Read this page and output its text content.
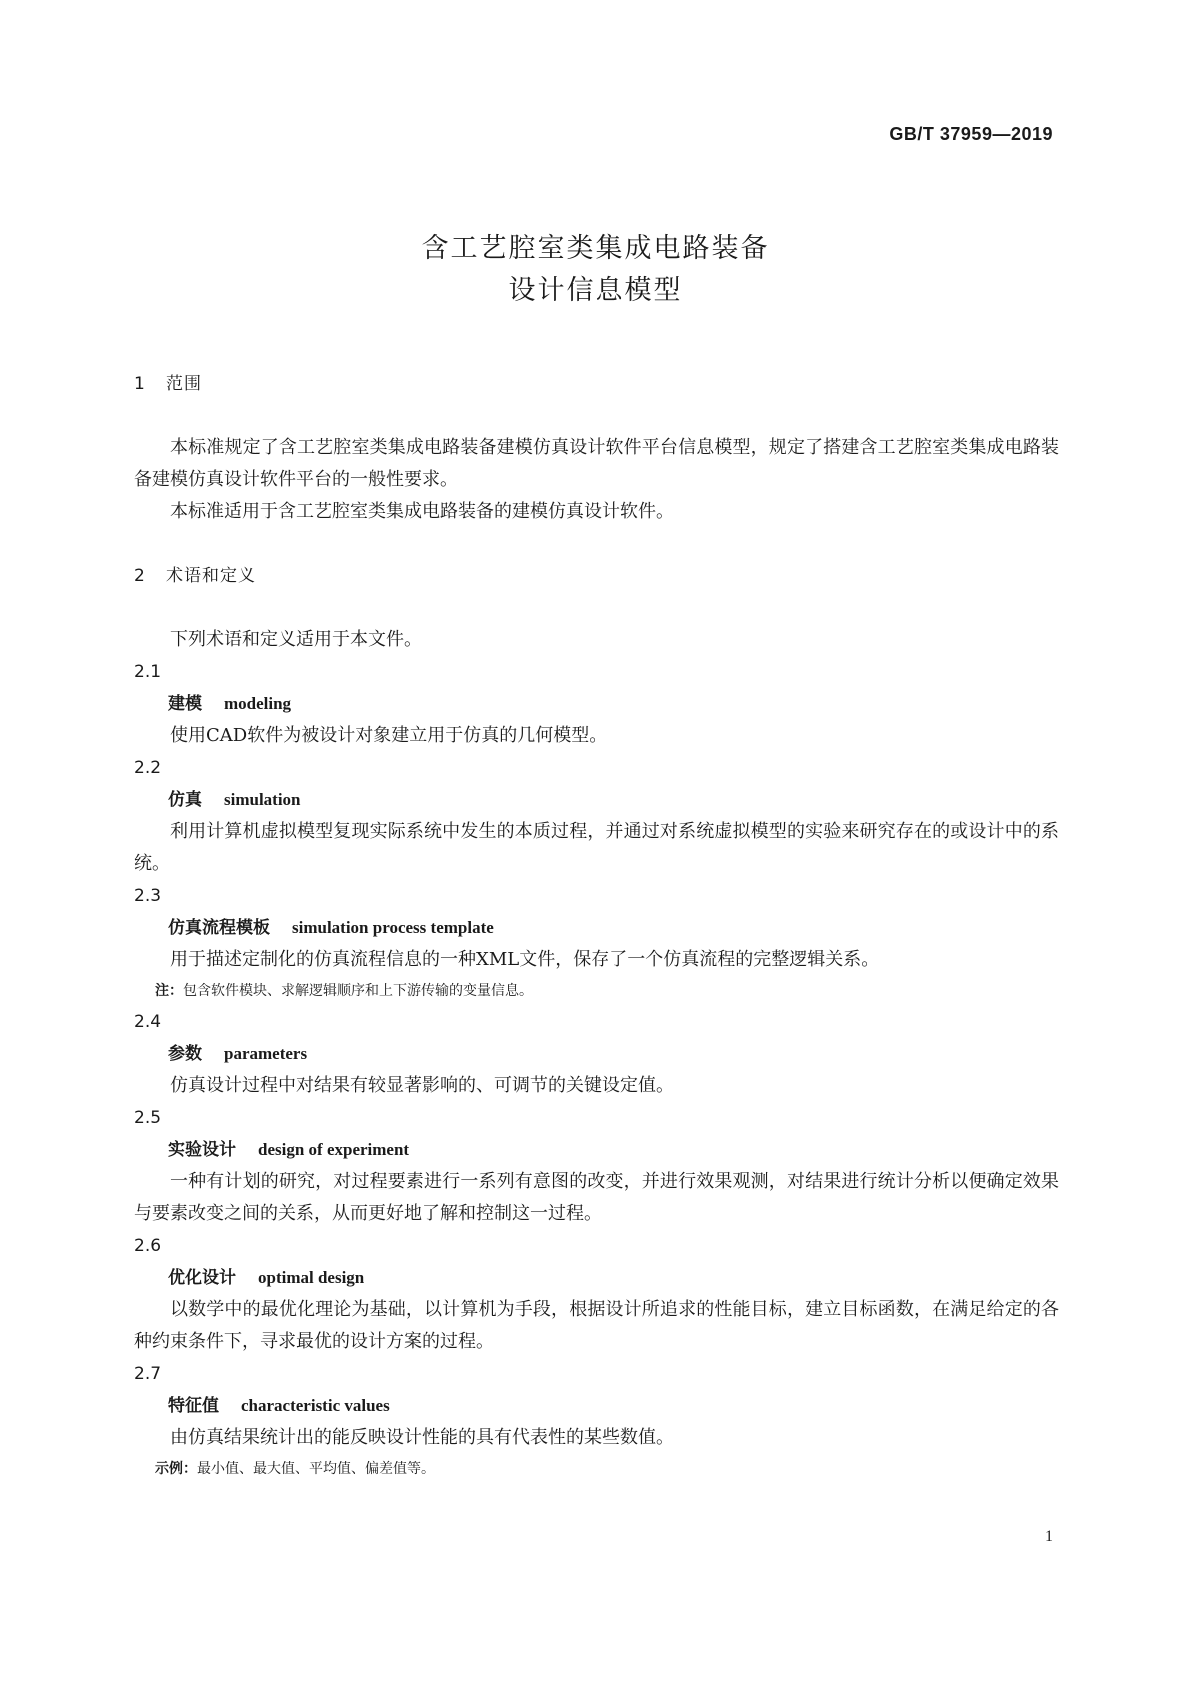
GB/T 37959—2019
含工艺腔室类集成电路装备
设计信息模型
1 范围
本标准规定了含工艺腔室类集成电路装备建模仿真设计软件平台信息模型，规定了搭建含工艺腔室类集成电路装备建模仿真设计软件平台的一般性要求。
本标准适用于含工艺腔室类集成电路装备的建模仿真设计软件。
2 术语和定义
下列术语和定义适用于本文件。
2.1
建模 modeling
使用CAD软件为被设计对象建立用于仿真的几何模型。
2.2
仿真 simulation
利用计算机虚拟模型复现实际系统中发生的本质过程，并通过对系统虚拟模型的实验来研究存在的或设计中的系统。
2.3
仿真流程模板 simulation process template
用于描述定制化的仿真流程信息的一种XML文件，保存了一个仿真流程的完整逻辑关系。
注：包含软件模块、求解逻辑顺序和上下游传输的变量信息。
2.4
参数 parameters
仿真设计过程中对结果有较显著影响的、可调节的关键设定值。
2.5
实验设计 design of experiment
一种有计划的研究，对过程要素进行一系列有意图的改变，并进行效果观测，对结果进行统计分析以便确定效果与要素改变之间的关系，从而更好地了解和控制这一过程。
2.6
优化设计 optimal design
以数学中的最优化理论为基础，以计算机为手段，根据设计所追求的性能目标，建立目标函数，在满足给定的各种约束条件下，寻求最优的设计方案的过程。
2.7
特征值 characteristic values
由仿真结果统计出的能反映设计性能的具有代表性的某些数值。
示例：最小值、最大值、平均值、偏差值等。
1
